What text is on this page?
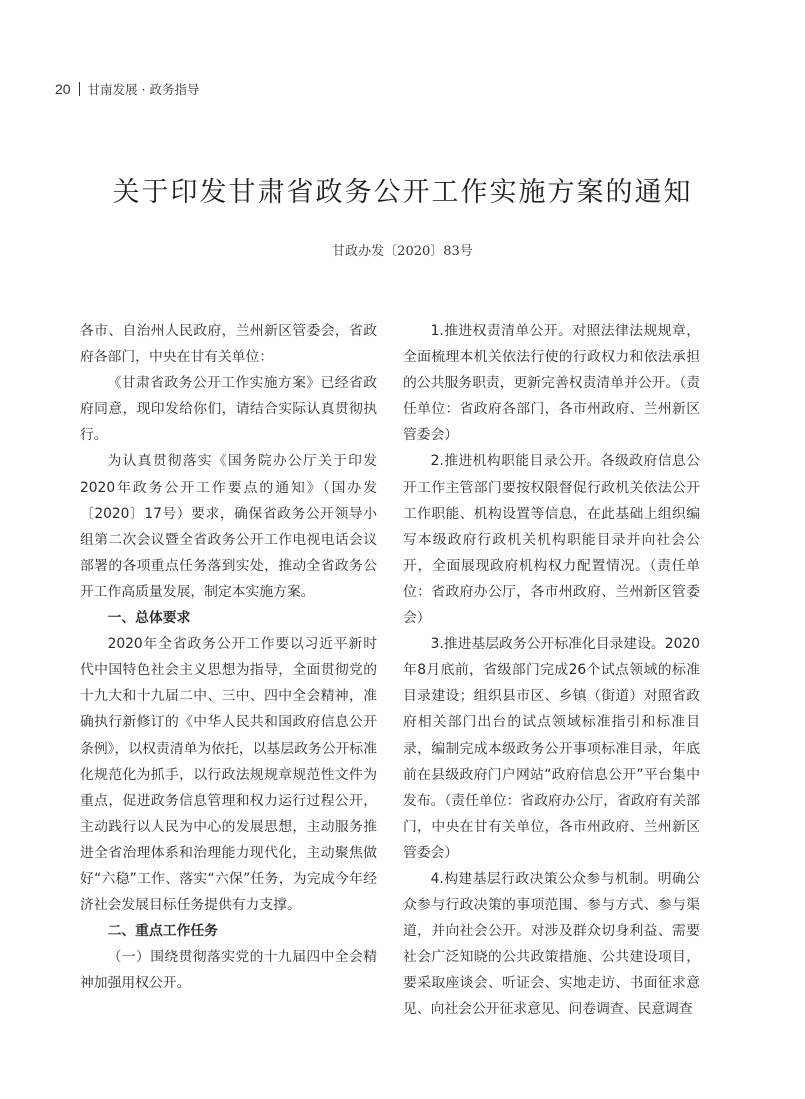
20 甘南发展 · 政务指导
关于印发甘肃省政务公开工作实施方案的通知
甘政办发〔2020〕83号

各市、自治州人民政府，兰州新区管委会，省政府各部门，中央在甘有关单位：

《甘肃省政务公开工作实施方案》已经省政府同意，现印发给你们，请结合实际认真贯彻执行。

为认真贯彻落实《国务院办公厅关于印发2020年政务公开工作要点的通知》（国办发〔2020〕17号）要求，确保省政务公开领导小组第二次会议暨全省政务公开工作电视电话会议部署的各项重点任务落到实处，推动全省政务公开工作高质量发展，制定本实施方案。

一、总体要求

2020年全省政务公开工作要以习近平新时代中国特色社会主义思想为指导，全面贯彻党的十九大和十九届二中、三中、四中全会精神，准确执行新修订的《中华人民共和国政府信息公开条例》，以权责清单为依托，以基层政务公开标准化规范化为抓手，以行政法规规章规范性文件为重点，促进政务信息管理和权力运行过程公开，主动践行以人民为中心的发展思想，主动服务推进全省治理体系和治理能力现代化，主动聚焦做好“六稳”工作、落实“六保”任务，为完成今年经济社会发展目标任务提供有力支撑。

二、重点工作任务

（一）围绕贯彻落实党的十九届四中全会精神加强用权公开。

1.推进权责清单公开。对照法律法规规章，全面梳理本机关依法行使的行政权力和依法承担的公共服务职责，更新完善权责清单并公开。（责任单位：省政府各部门，各市州政府、兰州新区管委会）

2.推进机构职能目录公开。各级政府信息公开工作主管部门要按权限督促行政机关依法公开工作职能、机构设置等信息，在此基础上组织编写本级政府行政机关机构职能目录并向社会公开，全面展现政府机构权力配置情况。（责任单位：省政府办公厅，各市州政府、兰州新区管委会）

3.推进基层政务公开标准化目录建设。2020年8月底前，省级部门完成26个试点领域的标准目录建设；组织县市区、乡镇（街道）对照省政府相关部门出台的试点领域标准指引和标准目录，编制完成本级政务公开事项标准目录，年底前在县级政府门户网站“政府信息公开”平台集中发布。（责任单位：省政府办公厅，省政府有关部门，中央在甘有关单位，各市州政府、兰州新区管委会）

4.构建基层行政决策公众参与机制。明确公众参与行政决策的事项范围、参与方式、参与渠道，并向社会公开。对涉及群众切身利益、需要社会广泛知晓的公共政策措施、公共建设项目，要采取座谈会、听证会、实地走访、书面征求意见、向社会公开征求意见、问卷调查、民意调查
